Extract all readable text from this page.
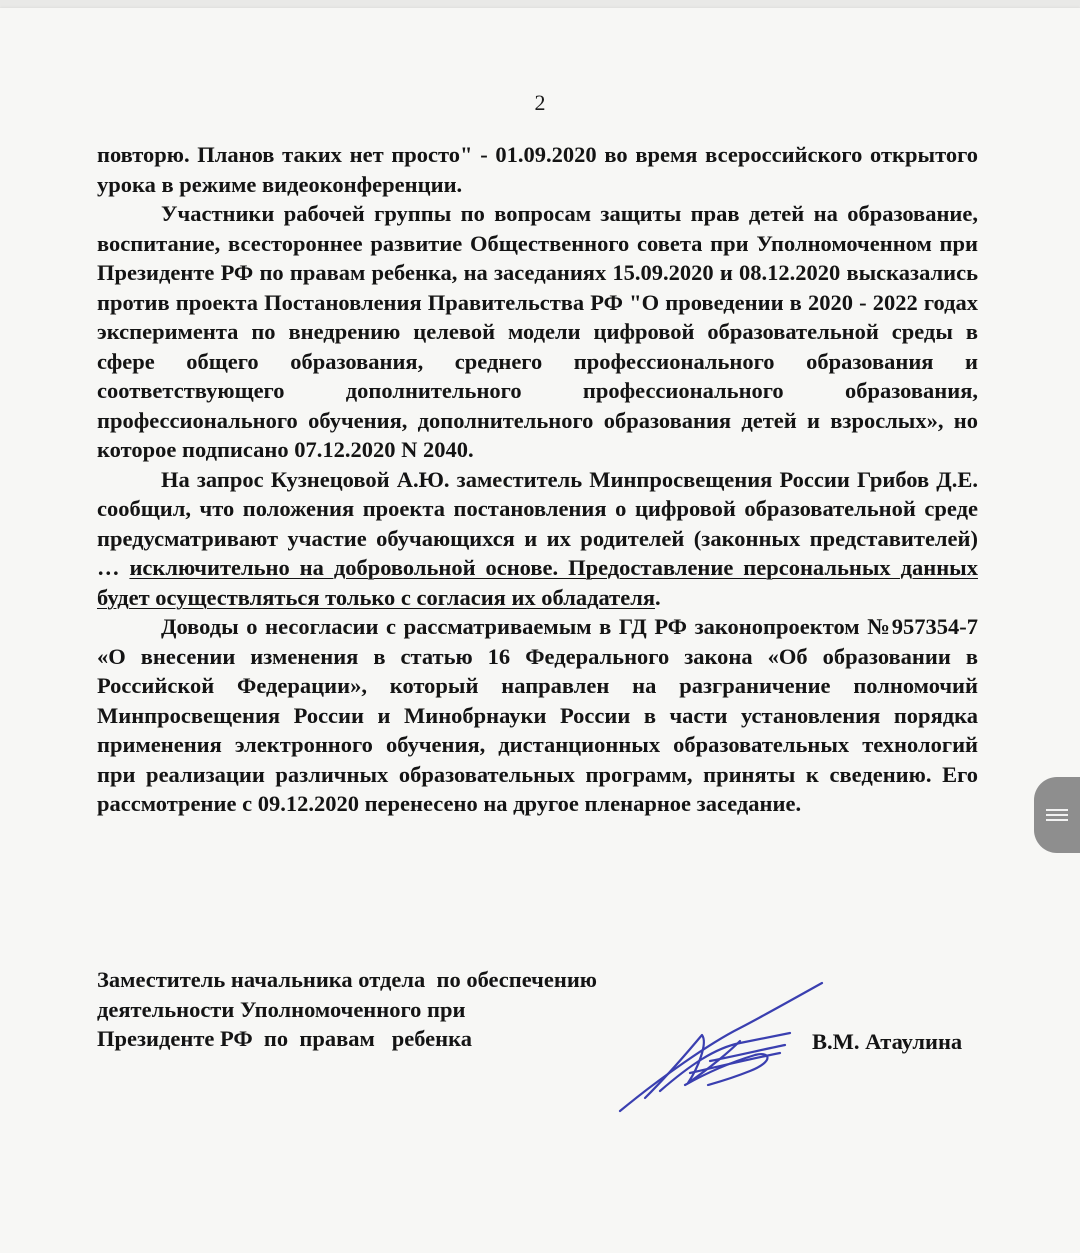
2

повторю. Планов таких нет просто" - 01.09.2020 во время всероссийского открытого урока в режиме видеоконференции.

Участники рабочей группы по вопросам защиты прав детей на образование, воспитание, всестороннее развитие Общественного совета при Уполномоченном при Президенте РФ по правам ребенка, на заседаниях 15.09.2020 и 08.12.2020 высказались против проекта Постановления Правительства РФ "О проведении в 2020 - 2022 годах эксперимента по внедрению целевой модели цифровой образовательной среды в сфере общего образования, среднего профессионального образования и соответствующего дополнительного профессионального образования, профессионального обучения, дополнительного образования детей и взрослых», но которое подписано 07.12.2020 N 2040.

На запрос Кузнецовой А.Ю. заместитель Минпросвещения России Грибов Д.Е. сообщил, что положения проекта постановления о цифровой образовательной среде предусматривают участие обучающихся и их родителей (законных представителей) … исключительно на добровольной основе. Предоставление персональных данных будет осуществляться только с согласия их обладателя.

Доводы о несогласии с рассматриваемым в ГД РФ законопроектом №957354-7 «О внесении изменения в статью 16 Федерального закона «Об образовании в Российской Федерации», который направлен на разграничение полномочий Минпросвещения России и Минобрнауки России в части установления порядка применения электронного обучения, дистанционных образовательных технологий при реализации различных образовательных программ, приняты к сведению. Его рассмотрение с 09.12.2020 перенесено на другое пленарное заседание.

Заместитель начальника отдела  по обеспечению

деятельности Уполномоченного при

Президенте РФ  по  правам   ребенка	В.М. Атаулина
